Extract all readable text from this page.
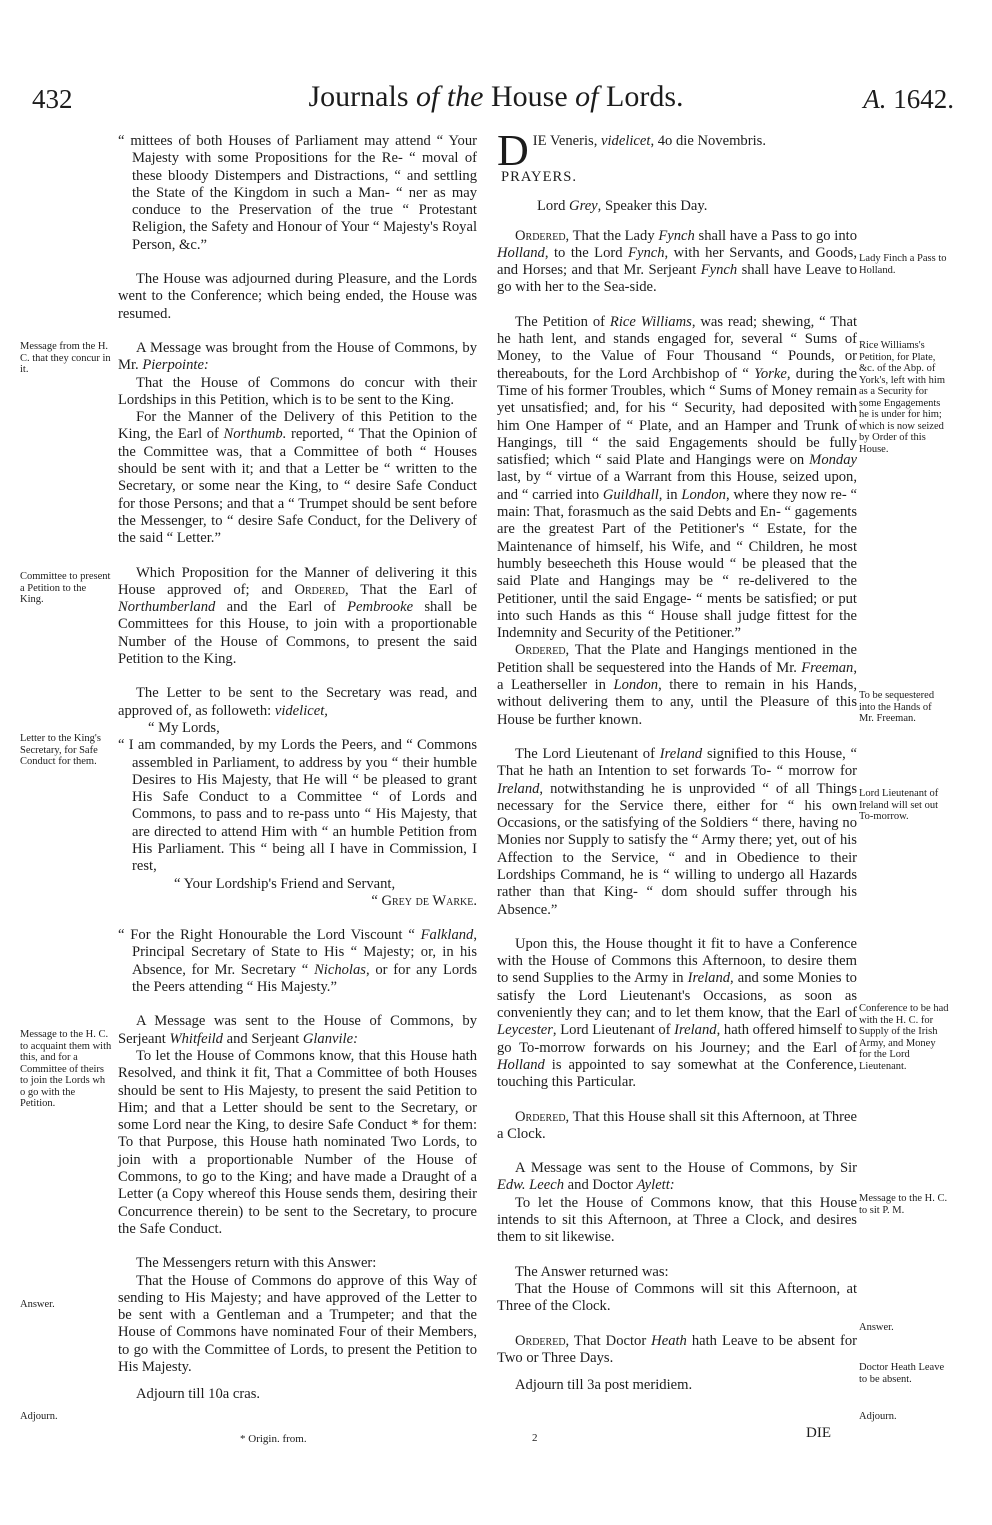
432	Journals of the House of Lords.	A. 1642.

“ mittees of both Houses of Parliament may attend “ Your Majesty with some Propositions for the Re- “ moval of these bloody Distempers and Distractions, “ and settling the State of the Kingdom in such a Man- “ ner as may conduce to the Preservation of the true “ Protestant Religion, the Safety and Honour of Your “ Majesty's Royal Person, &c.”

The House was adjourned during Pleasure, and the Lords went to the Conference; which being ended, the House was resumed.

A Message was brought from the House of Commons, by Mr. Pierpointe:

That the House of Commons do concur with their Lordships in this Petition, which is to be sent to the King.

For the Manner of the Delivery of this Petition to the King, the Earl of Northumb. reported, “ That the Opinion of the Committee was, that a Committee of both “ Houses should be sent with it; and that a Letter be “ written to the Secretary, or some near the King, to “ desire Safe Conduct for those Persons; and that a “ Trumpet should be sent before the Messenger, to “ desire Safe Conduct, for the Delivery of the said “ Letter.”

Which Proposition for the Manner of delivering it this House approved of; and Ordered, That the Earl of Northumberland and the Earl of Pembrooke shall be Committees for this House, to join with a proportionable Number of the House of Commons, to present the said Petition to the King.

The Letter to be sent to the Secretary was read, and approved of, as followeth: videlicet,

“ My Lords,

“ I am commanded, by my Lords the Peers, and “ Commons assembled in Parliament, to address by you “ their humble Desires to His Majesty, that He will “ be pleased to grant His Safe Conduct to a Committee “ of Lords and Commons, to pass and to re-pass unto “ His Majesty, that are directed to attend Him with “ an humble Petition from His Parliament. This “ being all I have in Commission, I rest,

“ Your Lordship's Friend and Servant,

“ Grey de Warke.

“ For the Right Honourable the Lord Viscount “ Falkland, Principal Secretary of State to His “ Majesty; or, in his Absence, for Mr. Secretary “ Nicholas, or for any Lords the Peers attending “ His Majesty.”

A Message was sent to the House of Commons, by Serjeant Whitfeild and Serjeant Glanvile:

To let the House of Commons know, that this House hath Resolved, and think it fit, That a Committee of both Houses should be sent to His Majesty, to present the said Petition to Him; and that a Letter should be sent to the Secretary, or some Lord near the King, to desire Safe Conduct * for them: To that Purpose, this House hath nominated Two Lords, to join with a proportionable Number of the House of Commons, to go to the King; and have made a Draught of a Letter (a Copy whereof this House sends them, desiring their Concurrence therein) to be sent to the Secretary, to procure the Safe Conduct.

The Messengers return with this Answer:

That the House of Commons do approve of this Way of sending to His Majesty; and have approved of the Letter to be sent with a Gentleman and a Trumpeter; and that the House of Commons have nominated Four of their Members, to go with the Committee of Lords, to present the Petition to His Majesty.

Adjourn till 10a cras.

DIE Veneris, videlicet, 4o die Novembris.

PRAYERS.

Lord Grey, Speaker this Day.

Ordered, That the Lady Fynch shall have a Pass to go into Holland, to the Lord Fynch, with her Servants, and Goods, and Horses; and that Mr. Serjeant Fynch shall have Leave to go with her to the Sea-side.

The Petition of Rice Williams, was read; shewing, “ That he hath lent, and stands engaged for, several “ Sums of Money, to the Value of Four Thousand “ Pounds, or thereabouts, for the Lord Archbishop of “ Yorke, during the Time of his former Troubles, which “ Sums of Money remain yet unsatisfied; and, for his “ Security, had deposited with him One Hamper of “ Plate, and an Hamper and Trunk of Hangings, till “ the said Engagements should be fully satisfied; which “ said Plate and Hangings were on Monday last, by “ virtue of a Warrant from this House, seized upon, and “ carried into Guildhall, in London, where they now re- “ main: That, forasmuch as the said Debts and En- “ gagements are the greatest Part of the Petitioner's “ Estate, for the Maintenance of himself, his Wife, and “ Children, he most humbly beseecheth this House would “ be pleased that the said Plate and Hangings may be “ re-delivered to the Petitioner, until the said Engage- “ ments be satisfied; or put into such Hands as this “ House shall judge fittest for the Indemnity and Security of the Petitioner.”

Ordered, That the Plate and Hangings mentioned in the Petition shall be sequestered into the Hands of Mr. Freeman, a Leatherseller in London, there to remain in his Hands, without delivering them to any, until the Pleasure of this House be further known.

The Lord Lieutenant of Ireland signified to this House, “ That he hath an Intention to set forwards To- “ morrow for Ireland, notwithstanding he is unprovided “ of all Things necessary for the Service there, either for “ his own Occasions, or the satisfying of the Soldiers “ there, having no Monies nor Supply to satisfy the “ Army there; yet, out of his Affection to the Service, “ and in Obedience to their Lordships Command, he is “ willing to undergo all Hazards rather than that King- “ dom should suffer through his Absence.”

Upon this, the House thought it fit to have a Conference with the House of Commons this Afternoon, to desire them to send Supplies to the Army in Ireland, and some Monies to satisfy the Lord Lieutenant's Occasions, as soon as conveniently they can; and to let them know, that the Earl of Leycester, Lord Lieutenant of Ireland, hath offered himself to go To-morrow forwards on his Journey; and the Earl of Holland is appointed to say somewhat at the Conference, touching this Particular.

Ordered, That this House shall sit this Afternoon, at Three a Clock.

A Message was sent to the House of Commons, by Sir Edw. Leech and Doctor Aylett:

To let the House of Commons know, that this House intends to sit this Afternoon, at Three a Clock, and desires them to sit likewise.

The Answer returned was:

That the House of Commons will sit this Afternoon, at Three of the Clock.

Ordered, That Doctor Heath hath Leave to be absent for Two or Three Days.

Adjourn till 3a post meridiem.

Message from the H. C. that they concur in it.
Committee to present a Petition to the King.
Letter to the King's Secretary, for Safe Conduct for them.
Message to the H. C. to acquaint them with this, and for a Committee of theirs to join the Lords wh o go with the Petition.
Answer.
Adjourn.
Lady Finch a Pass to Holland.
Rice Williams's Petition, for Plate, &c. of the Abp. of York's, left with him as a Security for some Engagements he is under for him; which is now seized by Order of this House.
To be sequestered into the Hands of Mr. Freeman.
Lord Lieutenant of Ireland will set out To-morrow.
Conference to be had with the H. C. for Supply of the Irish Army, and Money for the Lord Lieutenant.
Message to the H. C. to sit P. M.
Answer.
Doctor Heath Leave to be absent.
Adjourn.
* Origin. from.	2	DIE
